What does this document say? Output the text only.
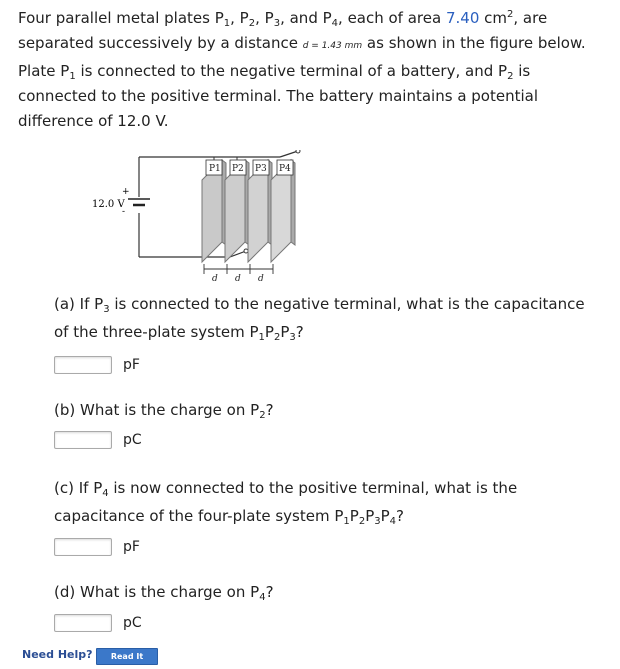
Four parallel metal plates $P_1$, $P_2$, $P_3$, and $P_4$, each of area 7.40 $cm^2$, are
separated successively by a distance d = 1.43 mm as shown in the figure below.
Plate $P_1$ is connected to the negative terminal of a battery, and $P_2$ is
connected to the positive terminal. The battery maintains a potential
difference of 12.0 V.
+
-
12.0 V
P1 P2 P3 P4
d d d
(a) If $P_3$ is connected to the negative terminal, what is the capacitance
of the three-plate system $P_1P_2P_3$?
pF
(b) What is the charge on $P_2$?
pC
(c) If $P_4$ is now connected to the positive terminal, what is the
capacitance of the four-plate system $P_1P_2P_3P_4$?
pF
(d) What is the charge on $P_4$?
pC
Need Help?	Read It
